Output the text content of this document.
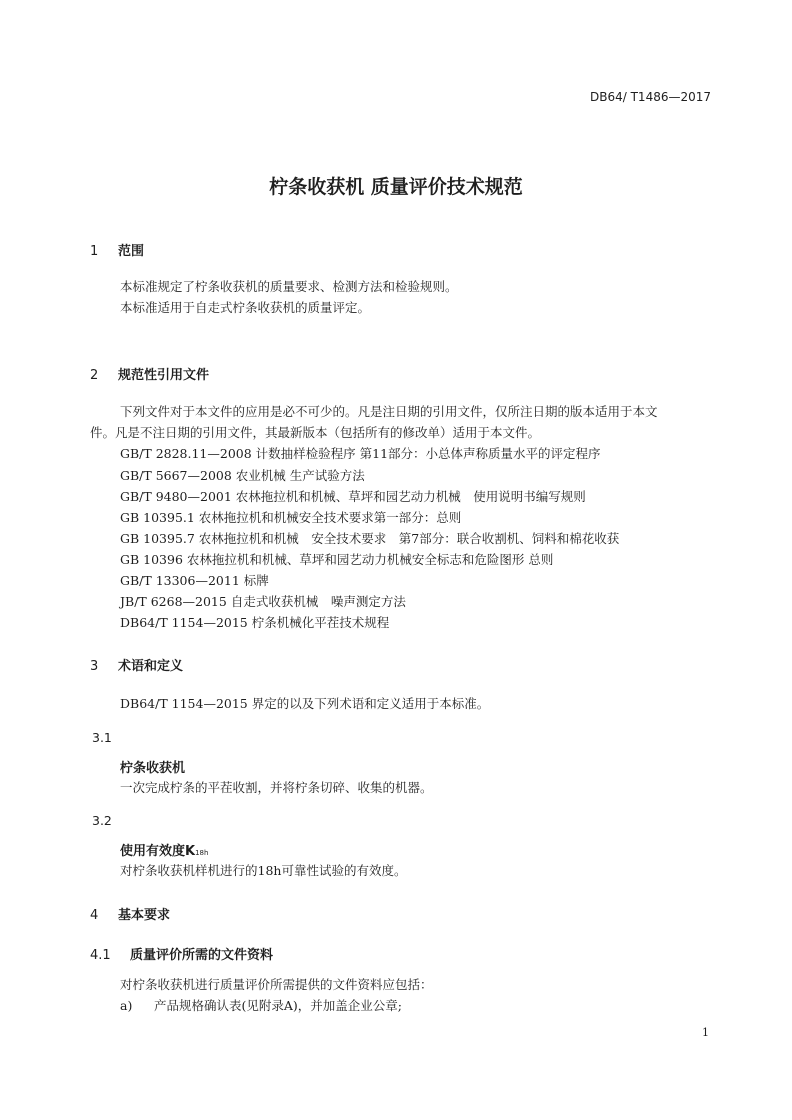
DB64/ T1486—2017
柠条收获机 质量评价技术规范
1 范围
本标准规定了柠条收获机的质量要求、检测方法和检验规则。
本标准适用于自走式柠条收获机的质量评定。
2 规范性引用文件
下列文件对于本文件的应用是必不可少的。凡是注日期的引用文件，仅所注日期的版本适用于本文
件。凡是不注日期的引用文件，其最新版本（包括所有的修改单）适用于本文件。
GB/T 2828.11—2008 计数抽样检验程序 第11部分：小总体声称质量水平的评定程序
GB/T 5667—2008 农业机械 生产试验方法
GB/T 9480—2001 农林拖拉机和机械、草坪和园艺动力机械　使用说明书编写规则
GB 10395.1 农林拖拉机和机械安全技术要求第一部分：总则
GB 10395.7 农林拖拉机和机械　安全技术要求　第7部分：联合收割机、饲料和棉花收获
GB 10396 农林拖拉机和机械、草坪和园艺动力机械安全标志和危险图形 总则
GB/T 13306—2011 标牌
JB/T 6268—2015 自走式收获机械　噪声测定方法
DB64/T 1154—2015 柠条机械化平茬技术规程
3 术语和定义
DB64/T 1154—2015 界定的以及下列术语和定义适用于本标准。
3.1
柠条收获机
一次完成柠条的平茬收割，并将柠条切碎、收集的机器。
3.2
使用有效度K18h
对柠条收获机样机进行的18h可靠性试验的有效度。
4 基本要求
4.1 质量评价所需的文件资料
对柠条收获机进行质量评价所需提供的文件资料应包括：
a) 产品规格确认表(见附录A)，并加盖企业公章;
1
